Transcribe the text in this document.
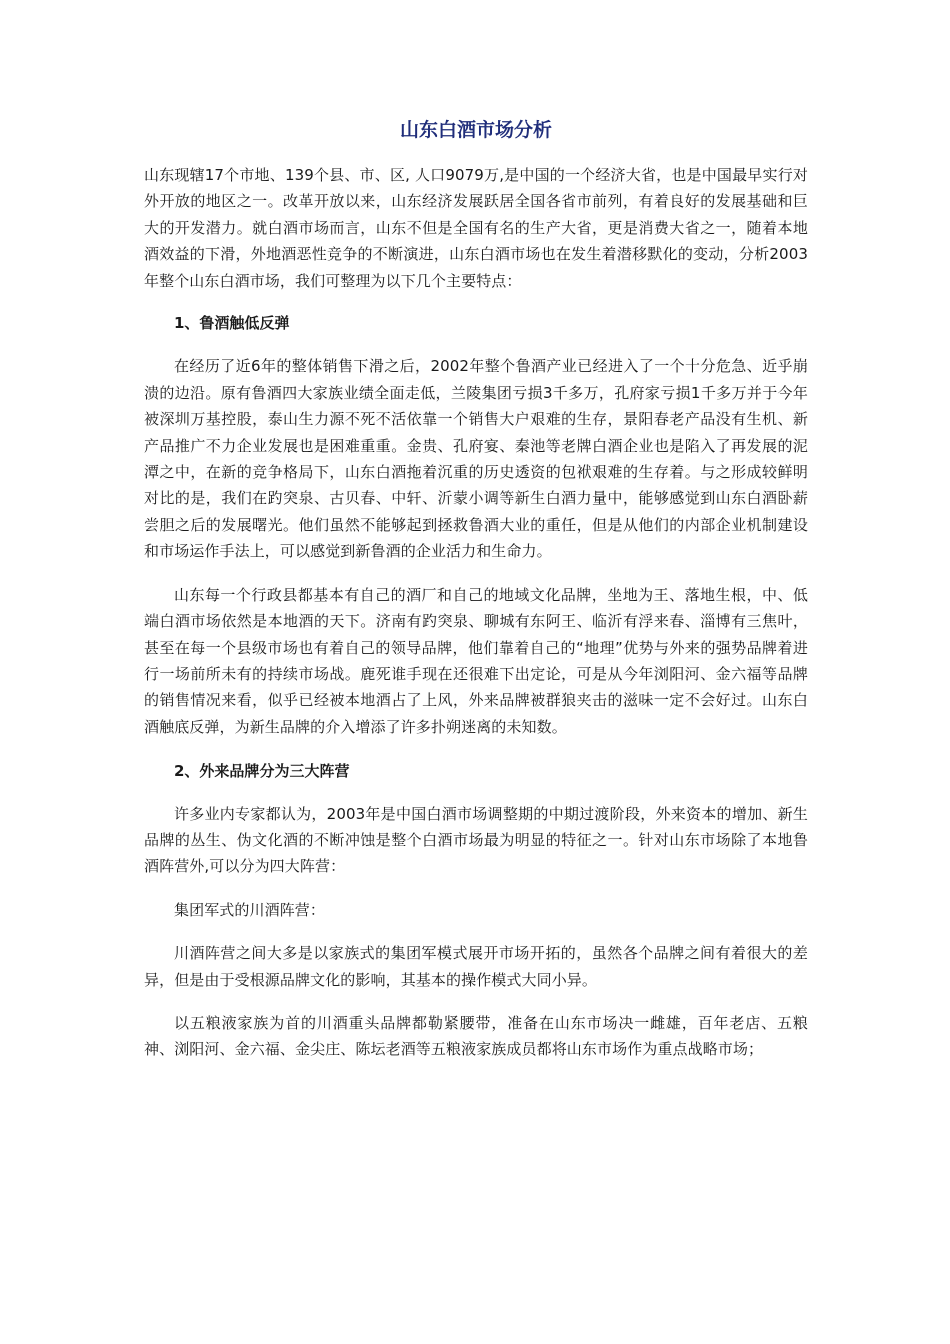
山东白酒市场分析

山东现辖17个市地、139个县、市、区, 人口9079万,是中国的一个经济大省，也是中国最早实行对外开放的地区之一。改革开放以来，山东经济发展跃居全国各省市前列，有着良好的发展基础和巨大的开发潜力。就白酒市场而言，山东不但是全国有名的生产大省，更是消费大省之一，随着本地酒效益的下滑，外地酒恶性竞争的不断演进，山东白酒市场也在发生着潜移默化的变动，分析2003年整个山东白酒市场，我们可整理为以下几个主要特点：

1、鲁酒触低反弹

在经历了近6年的整体销售下滑之后，2002年整个鲁酒产业已经进入了一个十分危急、近乎崩溃的边沿。原有鲁酒四大家族业绩全面走低，兰陵集团亏损3千多万，孔府家亏损1千多万并于今年被深圳万基控股，泰山生力源不死不活依靠一个销售大户艰难的生存，景阳春老产品没有生机、新产品推广不力企业发展也是困难重重。金贵、孔府宴、秦池等老牌白酒企业也是陷入了再发展的泥潭之中，在新的竞争格局下，山东白酒拖着沉重的历史透资的包袱艰难的生存着。与之形成较鲜明对比的是，我们在趵突泉、古贝春、中轩、沂蒙小调等新生白酒力量中，能够感觉到山东白酒卧薪尝胆之后的发展曙光。他们虽然不能够起到拯救鲁酒大业的重任，但是从他们的内部企业机制建设和市场运作手法上，可以感觉到新鲁酒的企业活力和生命力。

山东每一个行政县都基本有自己的酒厂和自己的地域文化品牌，坐地为王、落地生根，中、低端白酒市场依然是本地酒的天下。济南有趵突泉、聊城有东阿王、临沂有浮来春、淄博有三焦叶，甚至在每一个县级市场也有着自己的领导品牌，他们靠着自己的“地理”优势与外来的强势品牌着进行一场前所未有的持续市场战。鹿死谁手现在还很难下出定论，可是从今年浏阳河、金六福等品牌的销售情况来看，似乎已经被本地酒占了上风，外来品牌被群狼夹击的滋味一定不会好过。山东白酒触底反弹，为新生品牌的介入增添了许多扑朔迷离的未知数。

2、外来品牌分为三大阵营

许多业内专家都认为，2003年是中国白酒市场调整期的中期过渡阶段，外来资本的增加、新生品牌的丛生、伪文化酒的不断冲蚀是整个白酒市场最为明显的特征之一。针对山东市场除了本地鲁酒阵营外,可以分为四大阵营：

集团军式的川酒阵营：

川酒阵营之间大多是以家族式的集团军模式展开市场开拓的，虽然各个品牌之间有着很大的差异，但是由于受根源品牌文化的影响，其基本的操作模式大同小异。

以五粮液家族为首的川酒重头品牌都勒紧腰带，准备在山东市场决一雌雄，百年老店、五粮神、浏阳河、金六福、金尖庄、陈坛老酒等五粮液家族成员都将山东市场作为重点战略市场；
